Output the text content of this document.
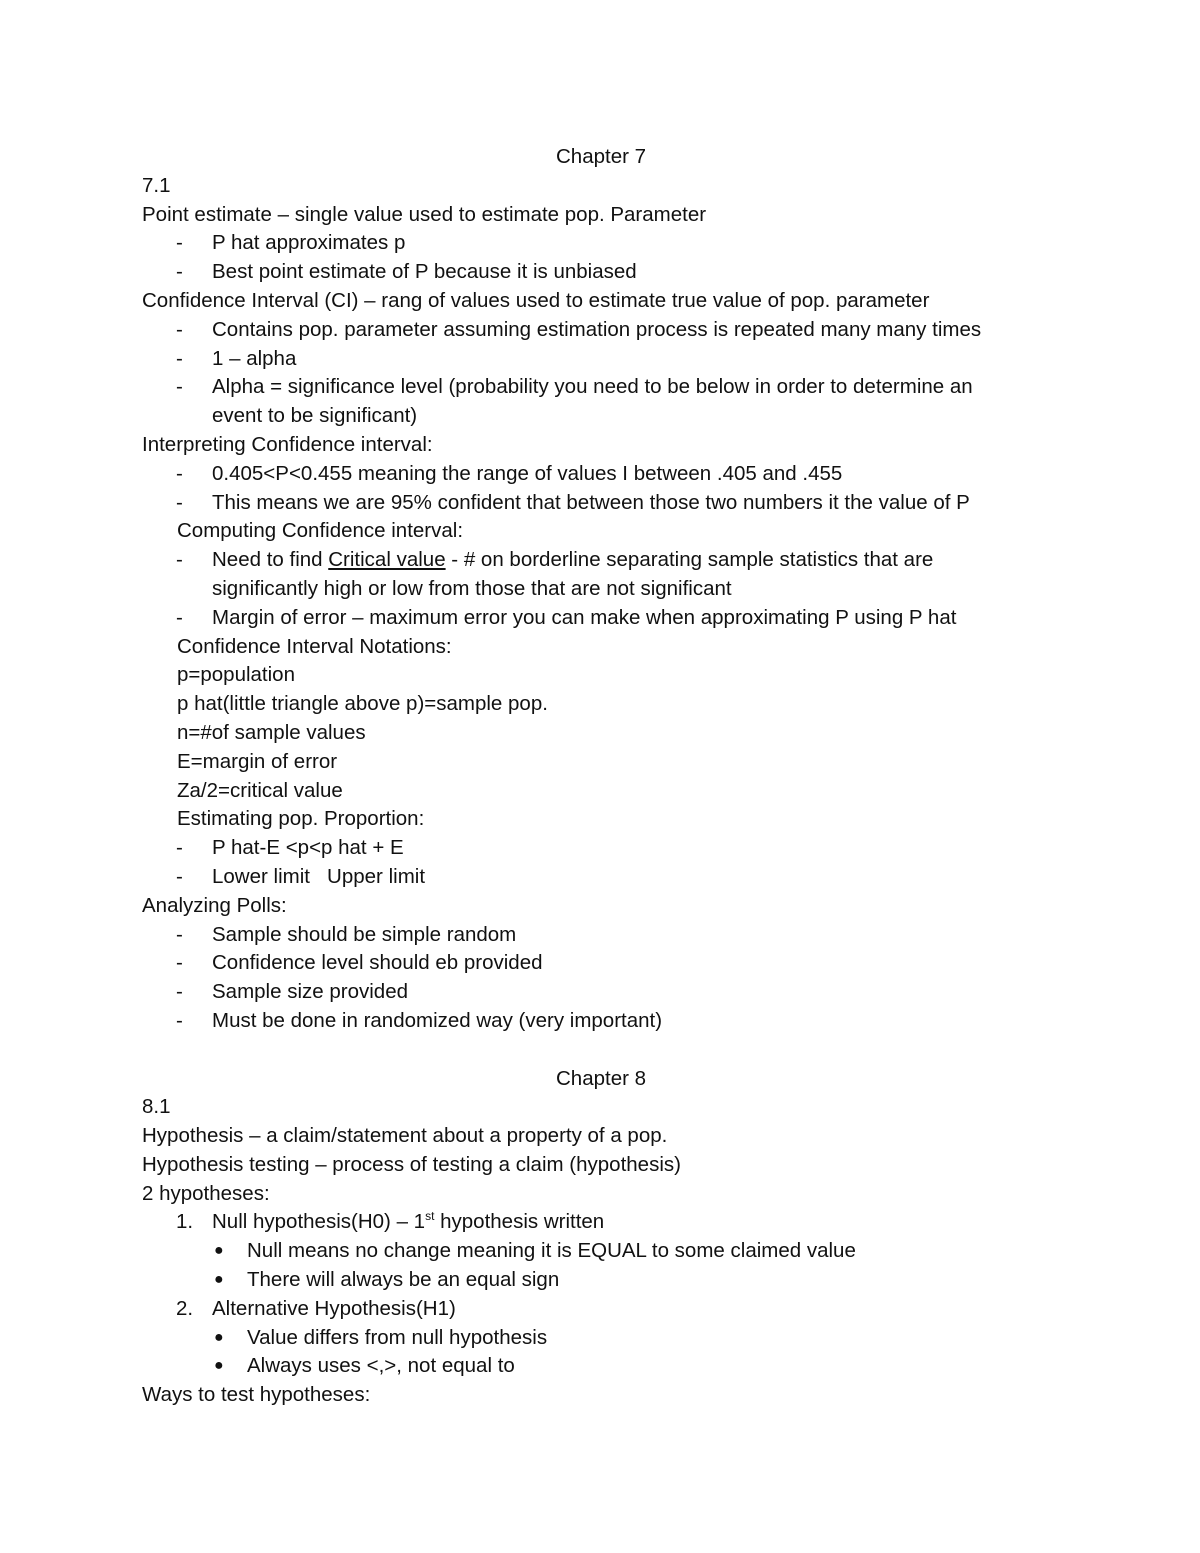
Chapter 7
7.1
Point estimate – single value used to estimate pop. Parameter
- P hat approximates p
- Best point estimate of P because it is unbiased
Confidence Interval (CI) – rang of values used to estimate true value of pop. parameter
- Contains pop. parameter assuming estimation process is repeated many many times
- 1 – alpha
- Alpha = significance level (probability you need to be below in order to determine an
event to be significant)
Interpreting Confidence interval:
- 0.405<P<0.455 meaning the range of values I between .405 and .455
- This means we are 95% confident that between those two numbers it the value of P
Computing Confidence interval:
- Need to find Critical value - # on borderline separating sample statistics that are
significantly high or low from those that are not significant
- Margin of error – maximum error you can make when approximating P using P hat
Confidence Interval Notations:
p=population
p hat(little triangle above p)=sample pop.
n=#of sample values
E=margin of error
Za/2=critical value
Estimating pop. Proportion:
- P hat-E <p<p hat + E
- Lower limit   Upper limit
Analyzing Polls:
- Sample should be simple random
- Confidence level should eb provided
- Sample size provided
- Must be done in randomized way (very important)
Chapter 8
8.1
Hypothesis – a claim/statement about a property of a pop.
Hypothesis testing – process of testing a claim (hypothesis)
2 hypotheses:
1. Null hypothesis(H0) – 1st hypothesis written
● Null means no change meaning it is EQUAL to some claimed value
● There will always be an equal sign
2. Alternative Hypothesis(H1)
● Value differs from null hypothesis
● Always uses <,>, not equal to
Ways to test hypotheses:
